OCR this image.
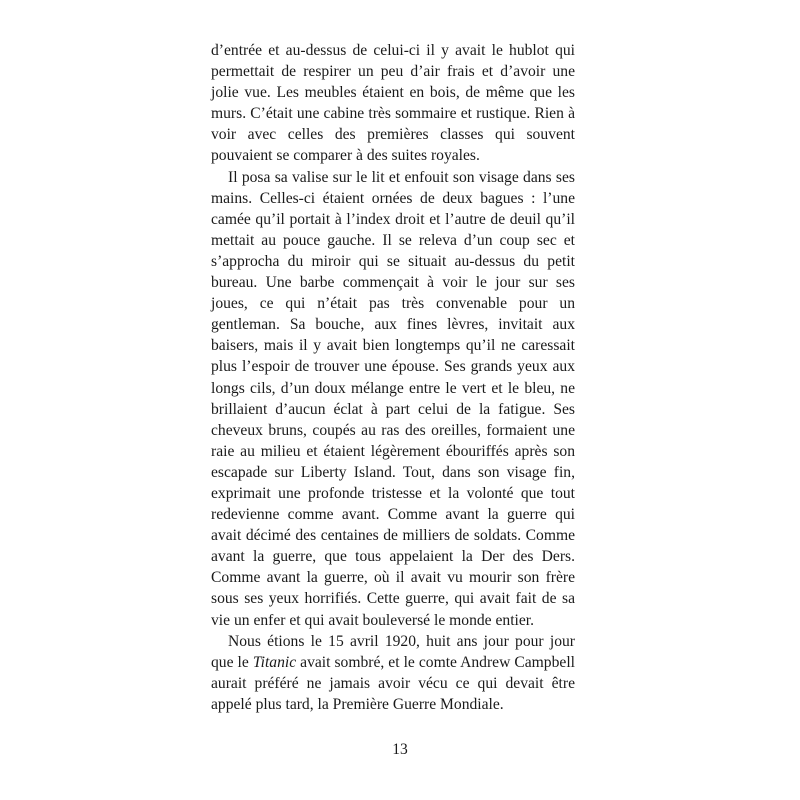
d’entrée et au-dessus de celui-ci il y avait le hublot qui permettait de respirer un peu d’air frais et d’avoir une jolie vue. Les meubles étaient en bois, de même que les murs. C’était une cabine très sommaire et rustique. Rien à voir avec celles des premières classes qui souvent pouvaient se comparer à des suites royales.

Il posa sa valise sur le lit et enfouit son visage dans ses mains. Celles-ci étaient ornées de deux bagues : l’une camée qu’il portait à l’index droit et l’autre de deuil qu’il mettait au pouce gauche. Il se releva d’un coup sec et s’approcha du miroir qui se situait au-dessus du petit bureau. Une barbe commençait à voir le jour sur ses joues, ce qui n’était pas très convenable pour un gentleman. Sa bouche, aux fines lèvres, invitait aux baisers, mais il y avait bien longtemps qu’il ne caressait plus l’espoir de trouver une épouse. Ses grands yeux aux longs cils, d’un doux mélange entre le vert et le bleu, ne brillaient d’aucun éclat à part celui de la fatigue. Ses cheveux bruns, coupés au ras des oreilles, formaient une raie au milieu et étaient légèrement ébouriffés après son escapade sur Liberty Island. Tout, dans son visage fin, exprimait une profonde tristesse et la volonté que tout redevienne comme avant. Comme avant la guerre qui avait décimé des centaines de milliers de soldats. Comme avant la guerre, que tous appelaient la Der des Ders. Comme avant la guerre, où il avait vu mourir son frère sous ses yeux horrifiés. Cette guerre, qui avait fait de sa vie un enfer et qui avait bouleversé le monde entier.

Nous étions le 15 avril 1920, huit ans jour pour jour que le Titanic avait sombré, et le comte Andrew Campbell aurait préféré ne jamais avoir vécu ce qui devait être appelé plus tard, la Première Guerre Mondiale.

13
